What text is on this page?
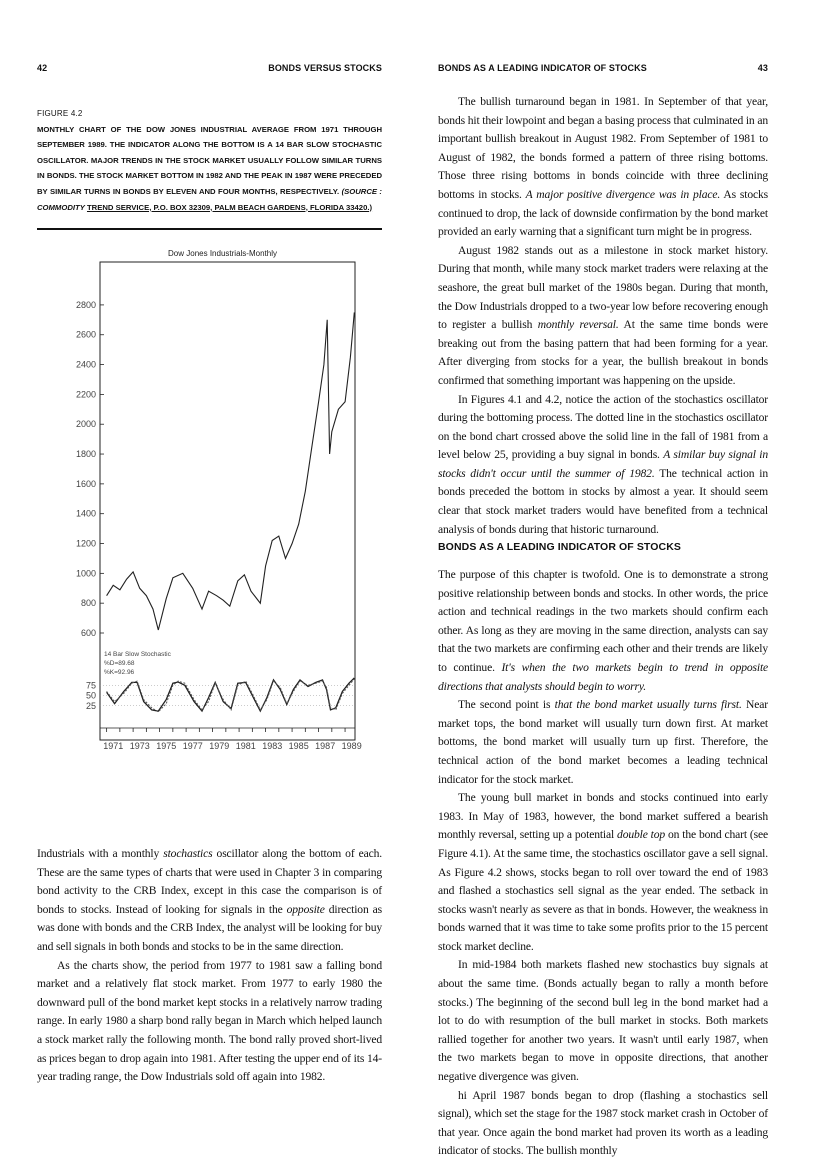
42	BONDS VERSUS STOCKS
FIGURE 4.2
MONTHLY CHART OF THE DOW JONES INDUSTRIAL AVERAGE FROM 1971 THROUGH SEPTEMBER 1989. THE INDICATOR ALONG THE BOTTOM IS A 14 BAR SLOW STOCHASTIC OSCILLATOR. MAJOR TRENDS IN THE STOCK MARKET USUALLY FOLLOW SIMILAR TURNS IN BONDS. THE STOCK MARKET BOTTOM IN 1982 AND THE PEAK IN 1987 WERE PRECEDED BY SIMILAR TURNS IN BONDS BY ELEVEN AND FOUR MONTHS, RESPECTIVELY. (SOURCE : COMMODITY TREND SERVICE, P.O. BOX 32309, PALM BEACH GARDENS, FLORIDA 33420.)
Dow Jones Industrials-Monthly
600
800
1000
1200
1400
1600
1800
2000
2200
2400
2600
2800
14 Bar Slow Stochastic
%D=89.68
%K=92.96
25
50
75
1971 1973 1975 1977 1979 1981 1983 1985 1987 1989

Industrials with a monthly stochastics oscillator along the bottom of each. These are the same types of charts that were used in Chapter 3 in comparing bond activity to the CRB Index, except in this case the comparison is of bonds to stocks. Instead of looking for signals in the opposite direction as was done with bonds and the CRB Index, the analyst will be looking for buy and sell signals in both bonds and stocks to be in the same direction.

As the charts show, the period from 1977 to 1981 saw a falling bond market and a relatively flat stock market. From 1977 to early 1980 the downward pull of the bond market kept stocks in a relatively narrow trading range. In early 1980 a sharp bond rally began in March which helped launch a stock market rally the following month. The bond rally proved short-lived as prices began to drop again into 1981. After testing the upper end of its 14-year trading range, the Dow Industrials sold off again into 1982.

BONDS AS A LEADING INDICATOR OF STOCKS	43

The bullish turnaround began in 1981. In September of that year, bonds hit their lowpoint and began a basing process that culminated in an important bullish breakout in August 1982. From September of 1981 to August of 1982, the bonds formed a pattern of three rising bottoms. Those three rising bottoms in bonds coincide with three declining bottoms in stocks. A major positive divergence was in place. As stocks continued to drop, the lack of downside confirmation by the bond market provided an early warning that a significant turn might be in progress.

August 1982 stands out as a milestone in stock market history. During that month, while many stock market traders were relaxing at the seashore, the great bull market of the 1980s began. During that month, the Dow Industrials dropped to a two-year low before recovering enough to register a bullish monthly reversal. At the same time bonds were breaking out from the basing pattern that had been forming for a year. After diverging from stocks for a year, the bullish breakout in bonds confirmed that something important was happening on the upside.

In Figures 4.1 and 4.2, notice the action of the stochastics oscillator during the bottoming process. The dotted line in the stochastics oscillator on the bond chart crossed above the solid line in the fall of 1981 from a level below 25, providing a buy signal in bonds. A similar buy signal in stocks didn't occur until the summer of 1982. The technical action in bonds preceded the bottom in stocks by almost a year. It should seem clear that stock market traders would have benefited from a technical analysis of bonds during that historic turnaround.

BONDS AS A LEADING INDICATOR OF STOCKS

The purpose of this chapter is twofold. One is to demonstrate a strong positive relationship between bonds and stocks. In other words, the price action and technical readings in the two markets should confirm each other. As long as they are moving in the same direction, analysts can say that the two markets are confirming each other and their trends are likely to continue. It's when the two markets begin to trend in opposite directions that analysts should begin to worry.

The second point is that the bond market usually turns first. Near market tops, the bond market will usually turn down first. At market bottoms, the bond market will usually turn up first. Therefore, the technical action of the bond market becomes a leading technical indicator for the stock market.

The young bull market in bonds and stocks continued into early 1983. In May of 1983, however, the bond market suffered a bearish monthly reversal, setting up a potential double top on the bond chart (see Figure 4.1). At the same time, the stochastics oscillator gave a sell signal. As Figure 4.2 shows, stocks began to roll over toward the end of 1983 and flashed a stochastics sell signal as the year ended. The setback in stocks wasn't nearly as severe as that in bonds. However, the weakness in bonds warned that it was time to take some profits prior to the 15 percent stock market decline.

In mid-1984 both markets flashed new stochastics buy signals at about the same time. (Bonds actually began to rally a month before stocks.) The beginning of the second bull leg in the bond market had a lot to do with resumption of the bull market in stocks. Both markets rallied together for another two years. It wasn't until early 1987, when the two markets began to move in opposite directions, that another negative divergence was given.

hi April 1987 bonds began to drop (flashing a stochastics sell signal), which set the stage for the 1987 stock market crash in October of that year. Once again the bond market had proven its worth as a leading indicator of stocks. The bullish monthly
